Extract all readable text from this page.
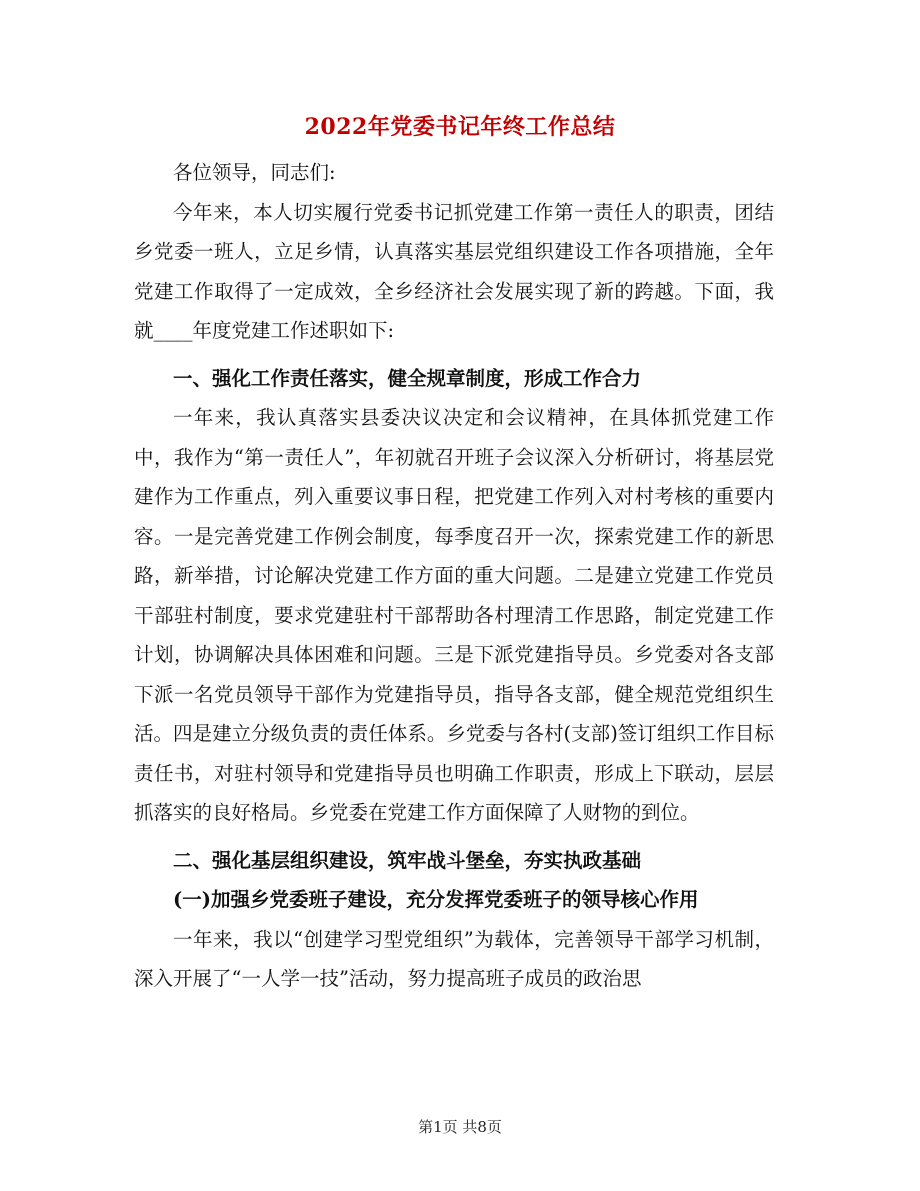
2022年党委书记年终工作总结

各位领导，同志们:

今年来，本人切实履行党委书记抓党建工作第一责任人的职责，团结乡党委一班人，立足乡情，认真落实基层党组织建设工作各项措施，全年党建工作取得了一定成效，全乡经济社会发展实现了新的跨越。下面，我就____年度党建工作述职如下:

一、强化工作责任落实，健全规章制度，形成工作合力

一年来，我认真落实县委决议决定和会议精神，在具体抓党建工作中，我作为“第一责任人”，年初就召开班子会议深入分析研讨，将基层党建作为工作重点，列入重要议事日程，把党建工作列入对村考核的重要内容。一是完善党建工作例会制度，每季度召开一次，探索党建工作的新思路，新举措，讨论解决党建工作方面的重大问题。二是建立党建工作党员干部驻村制度，要求党建驻村干部帮助各村理清工作思路，制定党建工作计划，协调解决具体困难和问题。三是下派党建指导员。乡党委对各支部下派一名党员领导干部作为党建指导员，指导各支部，健全规范党组织生活。四是建立分级负责的责任体系。乡党委与各村(支部)签订组织工作目标责任书，对驻村领导和党建指导员也明确工作职责，形成上下联动，层层抓落实的良好格局。乡党委在党建工作方面保障了人财物的到位。

二、强化基层组织建设，筑牢战斗堡垒，夯实执政基础

(一)加强乡党委班子建设，充分发挥党委班子的领导核心作用

一年来，我以“创建学习型党组织”为载体，完善领导干部学习机制，深入开展了“一人学一技”活动，努力提高班子成员的政治思

第1页 共8页
